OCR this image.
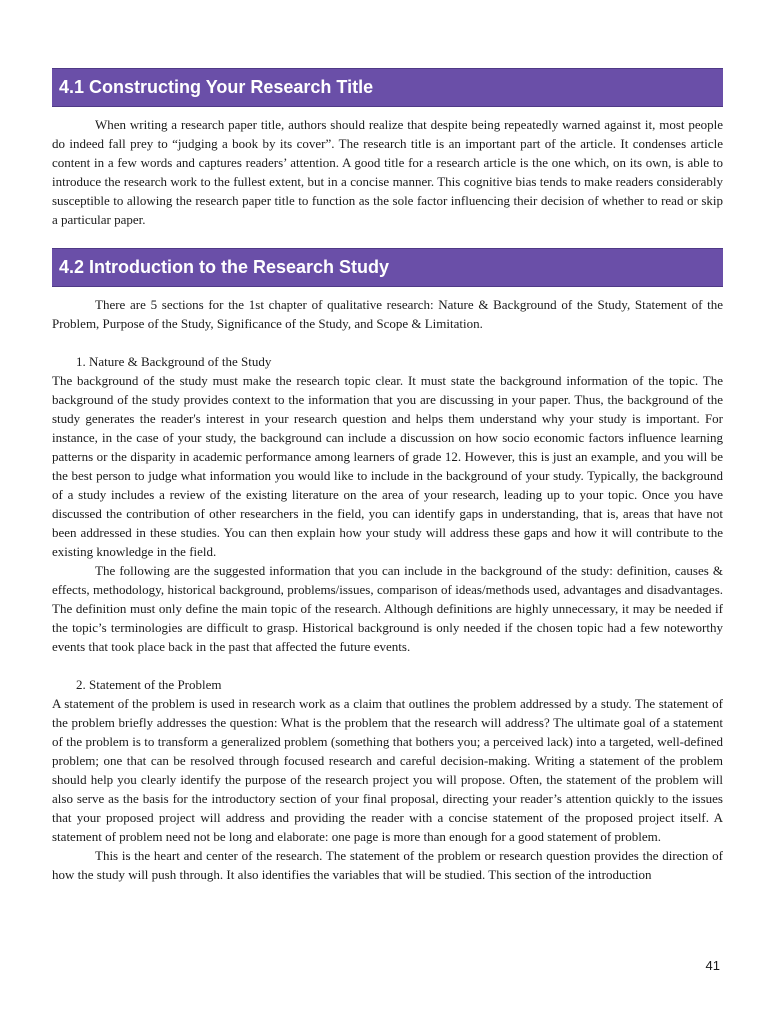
4.1 Constructing Your Research Title

When writing a research paper title, authors should realize that despite being repeatedly warned against it, most people do indeed fall prey to “judging a book by its cover”. The research title is an important part of the article. It condenses article content in a few words and captures readers’ attention. A good title for a research article is the one which, on its own, is able to introduce the research work to the fullest extent, but in a concise manner. This cognitive bias tends to make readers considerably susceptible to allowing the research paper title to function as the sole factor influencing their decision of whether to read or skip a particular paper.

4.2 Introduction to the Research Study

There are 5 sections for the 1st chapter of qualitative research: Nature & Background of the Study, Statement of the Problem, Purpose of the Study, Significance of the Study, and Scope & Limitation.

1. Nature & Background of the Study

The background of the study must make the research topic clear. It must state the background information of the topic. The background of the study provides context to the information that you are discussing in your paper. Thus, the background of the study generates the reader's interest in your research question and helps them understand why your study is important. For instance, in the case of your study, the background can include a discussion on how socio economic factors influence learning patterns or the disparity in academic performance among learners of grade 12. However, this is just an example, and you will be the best person to judge what information you would like to include in the background of your study. Typically, the background of a study includes a review of the existing literature on the area of your research, leading up to your topic. Once you have discussed the contribution of other researchers in the field, you can identify gaps in understanding, that is, areas that have not been addressed in these studies. You can then explain how your study will address these gaps and how it will contribute to the existing knowledge in the field.

The following are the suggested information that you can include in the background of the study: definition, causes & effects, methodology, historical background, problems/issues, comparison of ideas/methods used, advantages and disadvantages. The definition must only define the main topic of the research. Although definitions are highly unnecessary, it may be needed if the topic’s terminologies are difficult to grasp. Historical background is only needed if the chosen topic had a few noteworthy events that took place back in the past that affected the future events.

2. Statement of the Problem

A statement of the problem is used in research work as a claim that outlines the problem addressed by a study. The statement of the problem briefly addresses the question: What is the problem that the research will address? The ultimate goal of a statement of the problem is to transform a generalized problem (something that bothers you; a perceived lack) into a targeted, well-defined problem; one that can be resolved through focused research and careful decision-making. Writing a statement of the problem should help you clearly identify the purpose of the research project you will propose. Often, the statement of the problem will also serve as the basis for the introductory section of your final proposal, directing your reader’s attention quickly to the issues that your proposed project will address and providing the reader with a concise statement of the proposed project itself. A statement of problem need not be long and elaborate: one page is more than enough for a good statement of problem.

This is the heart and center of the research. The statement of the problem or research question provides the direction of how the study will push through. It also identifies the variables that will be studied. This section of the introduction

41
